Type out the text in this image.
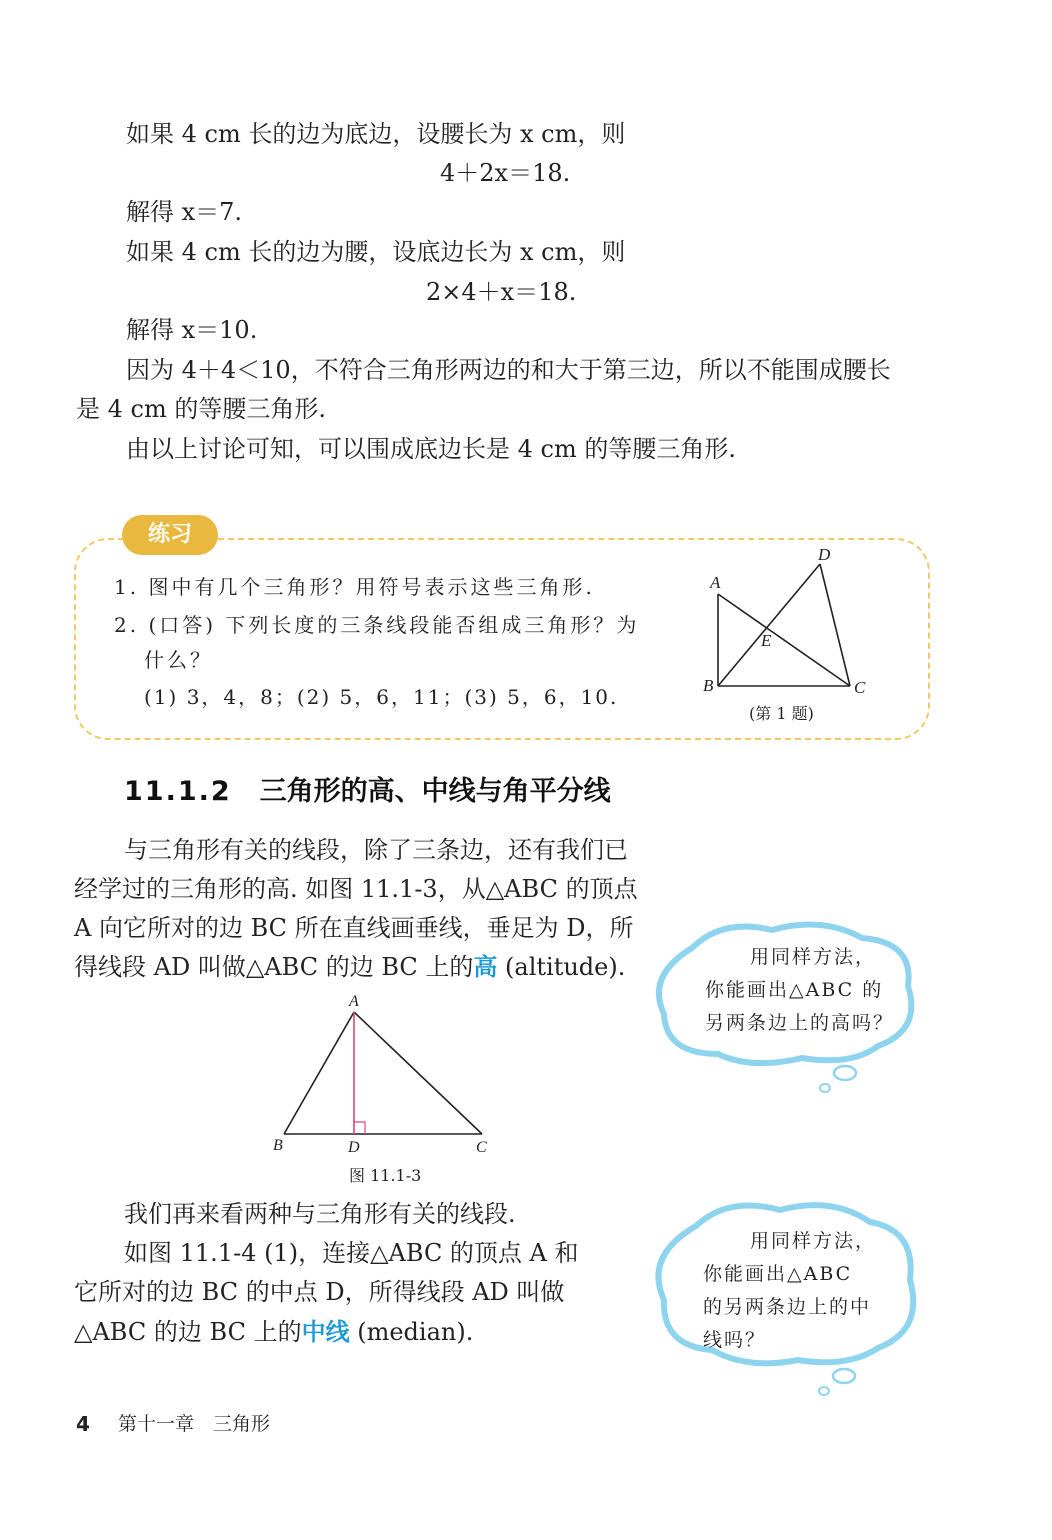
如果 4 cm 长的边为底边，设腰长为 x cm，则
4＋2x＝18.
解得 x＝7.
如果 4 cm 长的边为腰，设底边长为 x cm，则
2×4＋x＝18.
解得 x＝10.
因为 4＋4＜10，不符合三角形两边的和大于第三边，所以不能围成腰长
是 4 cm 的等腰三角形.
由以上讨论可知，可以围成底边长是 4 cm 的等腰三角形.
练习
1. 图中有几个三角形？用符号表示这些三角形.
2. (口答) 下列长度的三条线段能否组成三角形？为
什么？
(1) 3，4，8；(2) 5，6，11；(3) 5，6，10.
A
B	C
D
E
(第 1 题)
11.1.2 三角形的高、中线与角平分线
与三角形有关的线段，除了三条边，还有我们已
经学过的三角形的高. 如图 11.1-3，从△ABC 的顶点
A 向它所对的边 BC 所在直线画垂线，垂足为 D，所
得线段 AD 叫做△ABC 的边 BC 上的高 (altitude).
A
B	D	C
图 11.1-3
用同样方法，
你能画出△ABC 的
另两条边上的高吗？
我们再来看两种与三角形有关的线段.
如图 11.1-4 (1)，连接△ABC 的顶点 A 和
它所对的边 BC 的中点 D，所得线段 AD 叫做
△ABC 的边 BC 上的中线 (median).
用同样方法，
你能画出△ABC
的另两条边上的中
线吗？
4 第十一章　三角形
